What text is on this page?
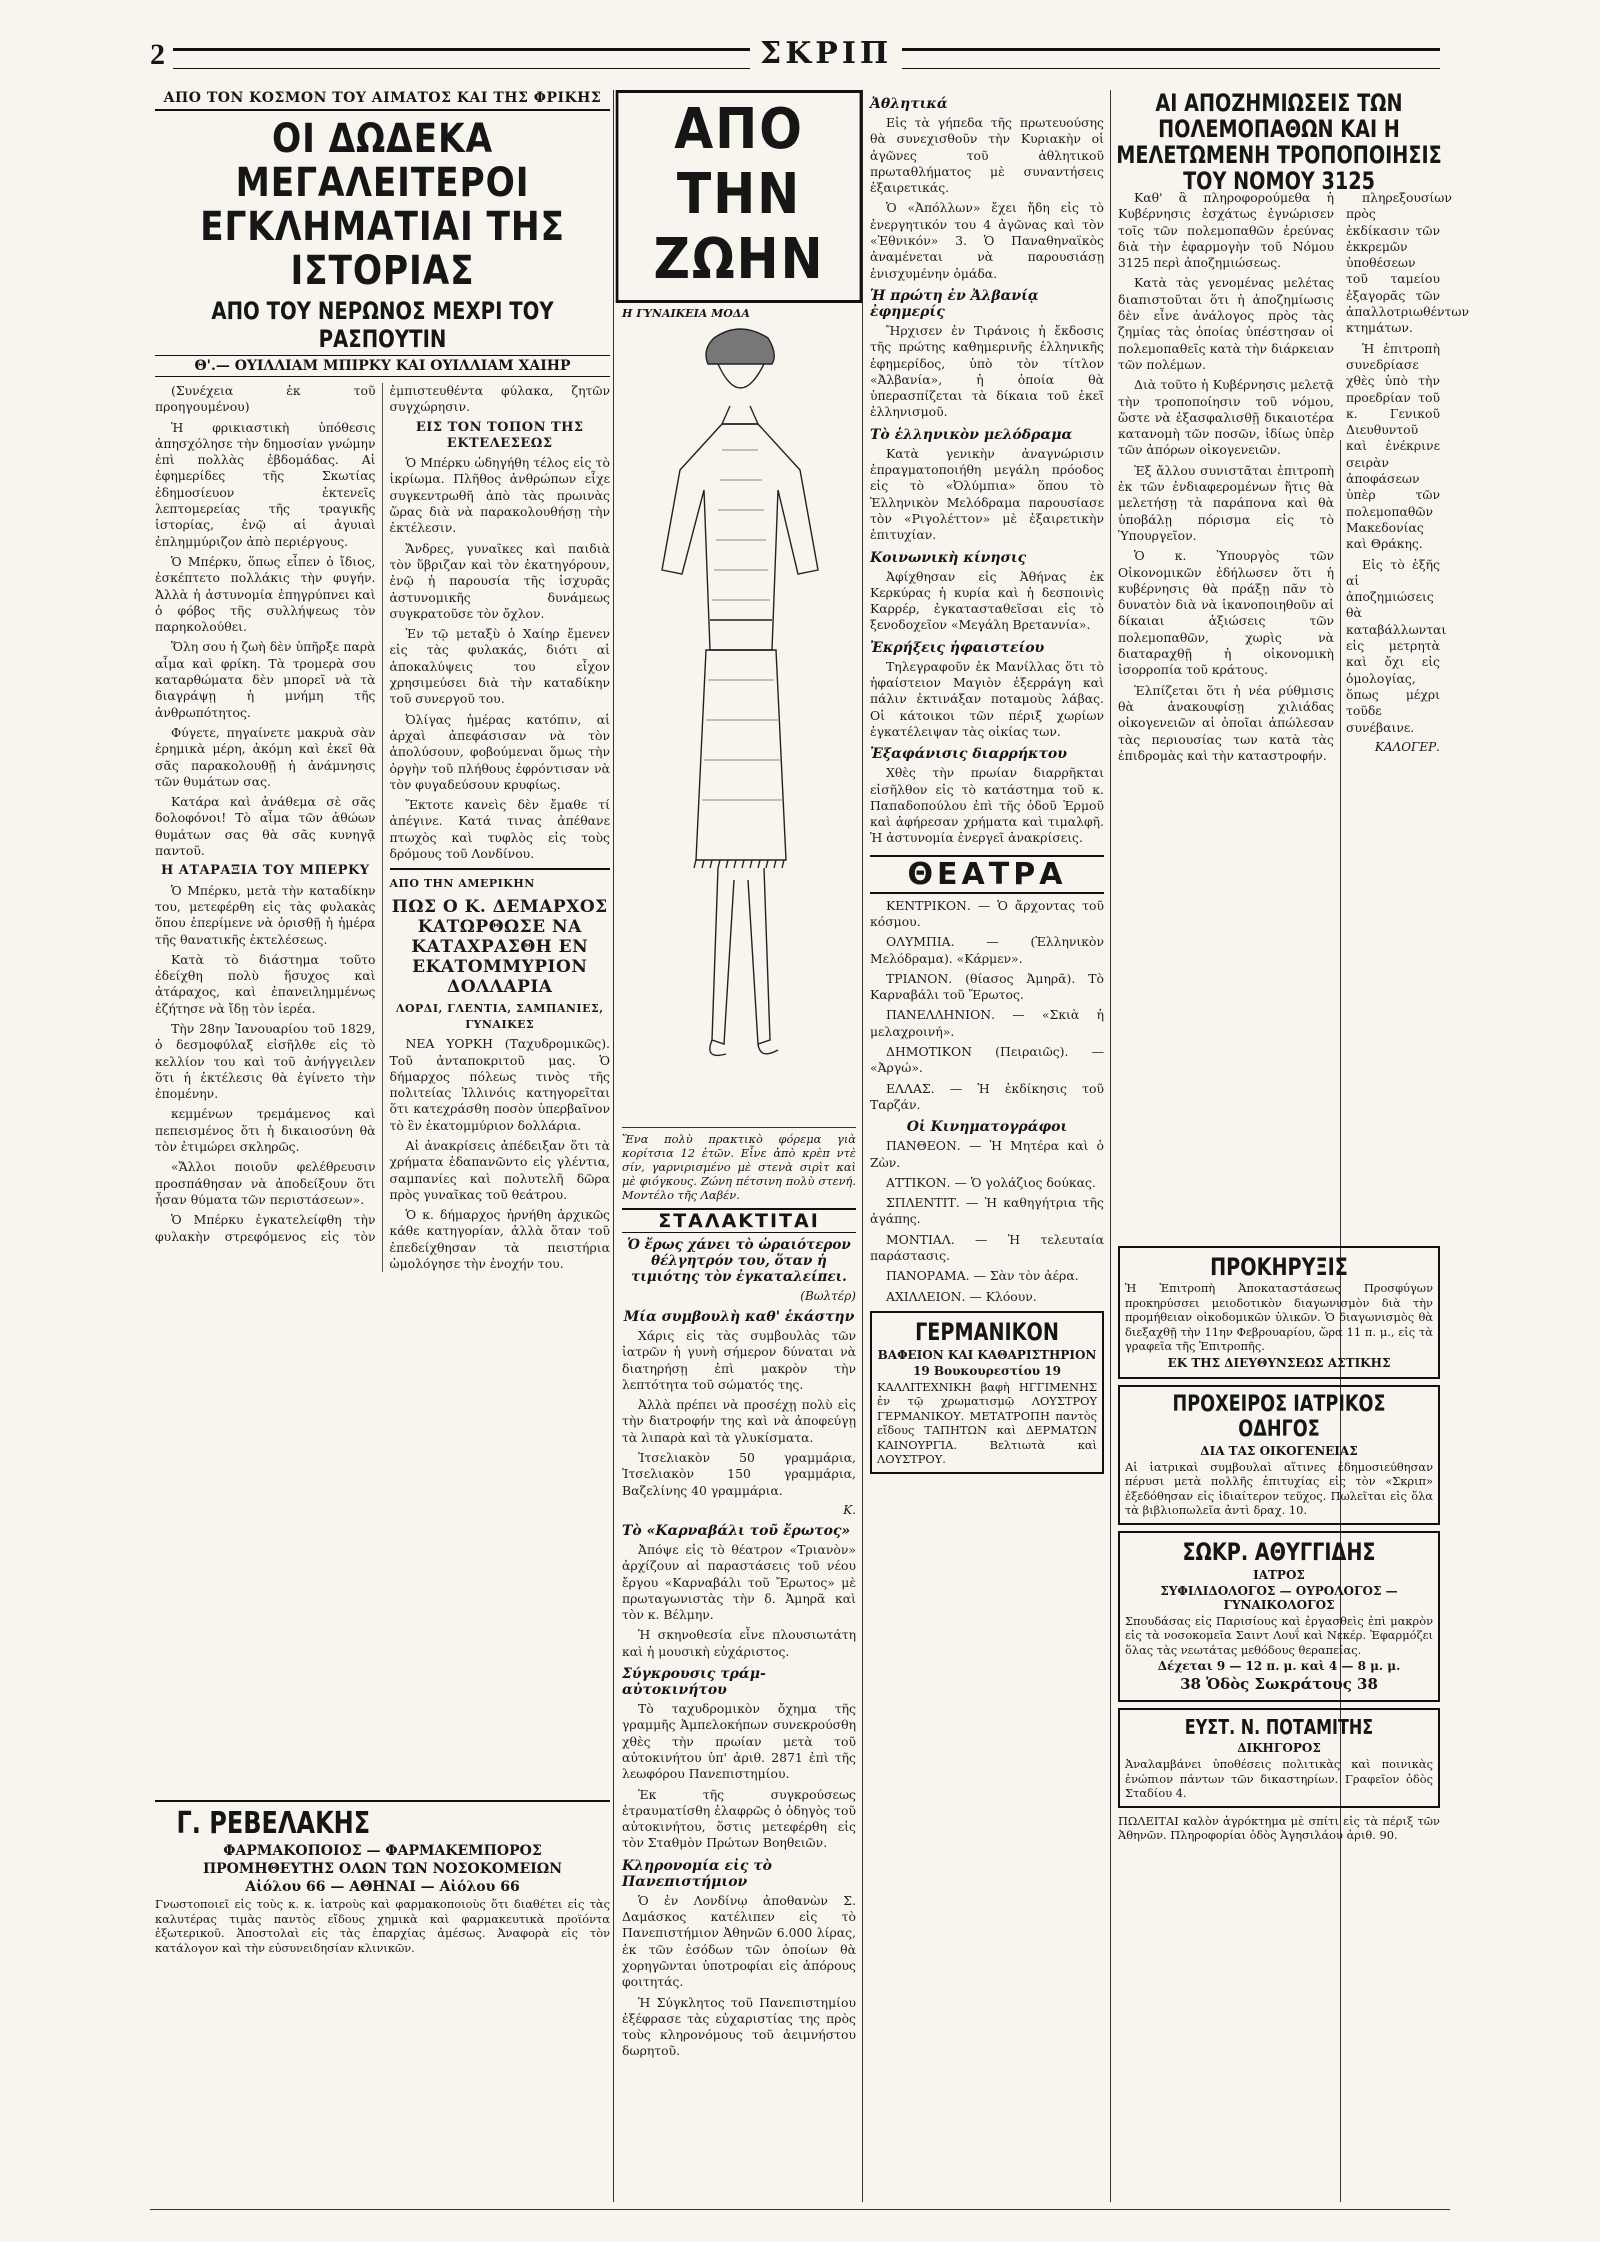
2	ΣΚΡΙΠ
ΑΠΟ ΤΟΝ ΚΟΣΜΟΝ ΤΟΥ ΑΙΜΑΤΟΣ ΚΑΙ ΤΗΣ ΦΡΙΚΗΣ
ΟΙ ΔΩΔΕΚΑ ΜΕΓΑΛΕΙΤΕΡΟΙ ΕΓΚΛΗΜΑΤΙΑΙ ΤΗΣ ΙΣΤΟΡΙΑΣ
ΑΠΟ ΤΟΥ ΝΕΡΩΝΟΣ ΜΕΧΡΙ ΤΟΥ ΡΑΣΠΟΥΤΙΝ
Θ'.— ΟΥΙΛΛΙΑΜ ΜΠΙΡΚΥ ΚΑΙ ΟΥΙΛΛΙΑΜ ΧΑΙΗΡ

(Συνέχεια ἐκ τοῦ προηγουμένου)

Ἡ φρικιαστικὴ ὑπόθεσις ἀπησχόλησε τὴν δημοσίαν γνώμην ἐπὶ πολλὰς ἑβδομάδας. Αἱ ἐφημερίδες τῆς Σκωτίας ἐδημοσίευον ἐκτενεῖς λεπτομερείας τῆς τραγικῆς ἱστορίας, ἐνῷ αἱ ἀγυιαὶ ἐπλημμύριζον ἀπὸ περιέργους.

Ὁ Μπέρκυ, ὅπως εἶπεν ὁ ἴδιος, ἐσκέπτετο πολλάκις τὴν φυγήν. Ἀλλὰ ἡ ἀστυνομία ἐπηγρύπνει καὶ ὁ φόβος τῆς συλλήψεως τὸν παρηκολούθει.

Ὅλη σου ἡ ζωὴ δὲν ὑπῆρξε παρὰ αἷμα καὶ φρίκη. Τὰ τρομερὰ σου καταρθώματα δὲν μπορεῖ νὰ τὰ διαγράψῃ ἡ μνήμη τῆς ἀνθρωπότητος.

Φύγετε, πηγαίνετε μακρυὰ σὰν ἐρημικὰ μέρη, ἀκόμη καὶ ἐκεῖ θὰ σᾶς παρακολουθῇ ἡ ἀνάμνησις τῶν θυμάτων σας.

Κατάρα καὶ ἀνάθεμα σὲ σᾶς δολοφόνοι! Τὸ αἷμα τῶν ἀθώων θυμάτων σας θὰ σᾶς κυνηγᾷ παντοῦ.

Η ΑΤΑΡΑΞΙΑ ΤΟΥ ΜΠΕΡΚΥ

Ὁ Μπέρκυ, μετὰ τὴν καταδίκην του, μετεφέρθη εἰς τὰς φυλακὰς ὅπου ἐπερίμενε νὰ ὁρισθῇ ἡ ἡμέρα τῆς θανατικῆς ἐκτελέσεως.

Κατὰ τὸ διάστημα τοῦτο ἐδείχθη πολὺ ἥσυχος καὶ ἀτάραχος, καὶ ἐπανειλημμένως ἐζήτησε νὰ ἴδῃ τὸν ἱερέα.

Τὴν 28ην Ἰανουαρίου τοῦ 1829, ὁ δεσμοφύλαξ εἰσῆλθε εἰς τὸ κελλίον του καὶ τοῦ ἀνήγγειλεν ὅτι ἡ ἐκτέλεσις θὰ ἐγίνετο τὴν ἐπομένην.

κεμμένων τρεμάμενος καὶ πεπεισμένος ὅτι ἡ δικαιοσύνη θὰ τὸν ἐτιμώρει σκληρῶς.

«Ἄλλοι ποιοῦν φελέθρευσιν προσπάθησαν νὰ ἀποδείξουν ὅτι ἦσαν θύματα τῶν περιστάσεων».

Ὁ Μπέρκυ ἐγκατελείφθη τὴν φυλακὴν στρεφόμενος εἰς τὸν ἐμπιστευθέντα φύλακα, ζητῶν συγχώρησιν.

ΕΙΣ ΤΟΝ ΤΟΠΟΝ ΤΗΣ ΕΚΤΕΛΕΣΕΩΣ

Ὁ Μπέρκυ ὡδηγήθη τέλος εἰς τὸ ἰκρίωμα. Πλῆθος ἀνθρώπων εἶχε συγκεντρωθῆ ἀπὸ τὰς πρωινὰς ὥρας διὰ νὰ παρακολουθήσῃ τὴν ἐκτέλεσιν.

Ἄνδρες, γυναῖκες καὶ παιδιὰ τὸν ὕβριζαν καὶ τὸν ἐκατηγόρουν, ἐνῷ ἡ παρουσία τῆς ἰσχυρᾶς ἀστυνομικῆς δυνάμεως συγκρατοῦσε τὸν ὄχλον.

Ἐν τῷ μεταξὺ ὁ Χαίηρ ἔμενεν εἰς τὰς φυλακάς, διότι αἱ ἀποκαλύψεις του εἶχον χρησιμεύσει διὰ τὴν καταδίκην τοῦ συνεργοῦ του.

Ὀλίγας ἡμέρας κατόπιν, αἱ ἀρχαὶ ἀπεφάσισαν νὰ τὸν ἀπολύσουν, φοβούμεναι ὅμως τὴν ὀργὴν τοῦ πλήθους ἐφρόντισαν νὰ τὸν φυγαδεύσουν κρυφίως.

Ἔκτοτε κανεὶς δὲν ἔμαθε τί ἀπέγινε. Κατά τινας ἀπέθανε πτωχὸς καὶ τυφλὸς εἰς τοὺς δρόμους τοῦ Λονδίνου.

ΑΠΟ ΤΗΝ ΑΜΕΡΙΚΗΝ
ΠΩΣ Ο Κ. ΔΕΜΑΡΧΟΣ ΚΑΤΩΡΘΩΣΕ ΝΑ ΚΑΤΑΧΡΑΣΘΗ ΕΝ ΕΚΑΤΟΜΜΥΡΙΟΝ ΔΟΛΛΑΡΙΑ
ΛΟΡΔΙ, ΓΛΕΝΤΙΑ, ΣΑΜΠΑΝΙΕΣ, ΓΥΝΑΙΚΕΣ

ΝΕΑ ΥΟΡΚΗ (Ταχυδρομικῶς). Τοῦ ἀνταποκριτοῦ μας. Ὁ δήμαρχος πόλεως τινὸς τῆς πολιτείας Ἰλλινόις κατηγορεῖται ὅτι κατεχράσθη ποσὸν ὑπερβαῖνον τὸ ἓν ἑκατομμύριον δολλάρια.

Αἱ ἀνακρίσεις ἀπέδειξαν ὅτι τὰ χρήματα ἐδαπανῶντο εἰς γλέντια, σαμπανίες καὶ πολυτελῆ δῶρα πρὸς γυναῖκας τοῦ θεάτρου.

Ὁ κ. δήμαρχος ἠρνήθη ἀρχικῶς κάθε κατηγορίαν, ἀλλὰ ὅταν τοῦ ἐπεδείχθησαν τὰ πειστήρια ὡμολόγησε τὴν ἐνοχήν του.

Γ. ΡΕΒΕΛΑΚΗΣ
ΦΑΡΜΑΚΟΠΟΙΟΣ — ΦΑΡΜΑΚΕΜΠΟΡΟΣ
ΠΡΟΜΗΘΕΥΤΗΣ ΟΛΩΝ ΤΩΝ ΝΟΣΟΚΟΜΕΙΩΝ
Αἰόλου 66 — ΑΘΗΝΑΙ — Αἰόλου 66
Γνωστοποιεῖ εἰς τοὺς κ. κ. ἰατροὺς καὶ φαρμακοποιοὺς ὅτι διαθέτει εἰς τὰς καλυτέρας τιμὰς παντὸς εἴδους χημικὰ καὶ φαρμακευτικὰ προϊόντα ἐξωτερικοῦ. Ἀποστολαὶ εἰς τὰς ἐπαρχίας ἀμέσως. Ἀναφορὰ εἰς τὸν κατάλογον καὶ τὴν εὐσυνειδησίαν κλινικῶν.
ΑΠΟ ΤΗΝ ΖΩΗΝ
Η ΓΥΝΑΙΚΕΙΑ ΜΟΔΑ
Ἕνα πολὺ πρακτικὸ φόρεμα γιὰ κορίτσια 12 ἐτῶν. Εἶνε ἀπὸ κρὲπ ντὲ σίν, γαρνιρισμένο μὲ στενὰ σιρὶτ καὶ μὲ φιόγκους. Ζώνη πέτσινη πολὺ στενή. Μοντέλο τῆς Λαβέν.
ΣΤΑΛΑΚΤΙΤΑΙ
Ὁ ἔρως χάνει τὸ ὡραιότερον θέλγητρόν του, ὅταν ἡ τιμιότης τὸν ἐγκαταλείπει.
(Βωλτέρ)
Μία συμβουλὴ καθ' ἑκάστην

Χάρις εἰς τὰς συμβουλὰς τῶν ἰατρῶν ἡ γυνὴ σήμερον δύναται νὰ διατηρήσῃ ἐπὶ μακρὸν τὴν λεπτότητα τοῦ σώματός της.

Ἀλλὰ πρέπει νὰ προσέχῃ πολὺ εἰς τὴν διατροφήν της καὶ νὰ ἀποφεύγῃ τὰ λιπαρὰ καὶ τὰ γλυκίσματα.

Ἰτσελιακὸν 50 γραμμάρια, Ἰτσελιακὸν 150 γραμμάρια, Βαζελίνης 40 γραμμάρια.

Κ.
Τὸ «Καρναβάλι τοῦ ἔρωτος»

Ἀπόψε εἰς τὸ θέατρον «Τριανὸν» ἀρχίζουν αἱ παραστάσεις τοῦ νέου ἔργου «Καρναβάλι τοῦ Ἔρωτος» μὲ πρωταγωνιστὰς τὴν δ. Ἀμηρᾶ καὶ τὸν κ. Βέλμην.

Ἡ σκηνοθεσία εἶνε πλουσιωτάτη καὶ ἡ μουσικὴ εὐχάριστος.

Σύγκρουσις τράμ-αὐτοκινήτου

Τὸ ταχυδρομικὸν ὄχημα τῆς γραμμῆς Ἀμπελοκήπων συνεκρούσθη χθὲς τὴν πρωίαν μετὰ τοῦ αὐτοκινήτου ὑπ' ἀριθ. 2871 ἐπὶ τῆς λεωφόρου Πανεπιστημίου.

Ἐκ τῆς συγκρούσεως ἐτραυματίσθη ἐλαφρῶς ὁ ὁδηγὸς τοῦ αὐτοκινήτου, ὅστις μετεφέρθη εἰς τὸν Σταθμὸν Πρώτων Βοηθειῶν.

Κληρονομία εἰς τὸ Πανεπιστήμιον

Ὁ ἐν Λονδίνῳ ἀποθανὼν Σ. Δαμάσκος κατέλιπεν εἰς τὸ Πανεπιστήμιον Ἀθηνῶν 6.000 λίρας, ἐκ τῶν ἐσόδων τῶν ὁποίων θὰ χορηγῶνται ὑποτροφίαι εἰς ἀπόρους φοιτητάς.

Ἡ Σύγκλητος τοῦ Πανεπιστημίου ἐξέφρασε τὰς εὐχαριστίας της πρὸς τοὺς κληρονόμους τοῦ ἀειμνήστου δωρητοῦ.

Ἀθλητικά

Εἰς τὰ γήπεδα τῆς πρωτευούσης θὰ συνεχισθοῦν τὴν Κυριακὴν οἱ ἀγῶνες τοῦ ἀθλητικοῦ πρωταθλήματος μὲ συναντήσεις ἐξαιρετικάς.

Ὁ «Ἀπόλλων» ἔχει ἤδη εἰς τὸ ἐνεργητικόν του 4 ἀγῶνας καὶ τὸν «Ἐθνικόν» 3. Ὁ Παναθηναϊκὸς ἀναμένεται νὰ παρουσιάσῃ ἐνισχυμένην ὁμάδα.

Ἡ πρώτη ἐν Ἀλβανίᾳ ἐφημερίς

Ἤρχισεν ἐν Τιράνοις ἡ ἔκδοσις τῆς πρώτης καθημερινῆς ἑλληνικῆς ἐφημερίδος, ὑπὸ τὸν τίτλον «Ἀλβανία», ἡ ὁποία θὰ ὑπερασπίζεται τὰ δίκαια τοῦ ἐκεῖ ἑλληνισμοῦ.

Τὸ ἑλληνικὸν μελόδραμα

Κατὰ γενικὴν ἀναγνώρισιν ἐπραγματοποιήθη μεγάλη πρόοδος εἰς τὸ «Ὀλύμπια» ὅπου τὸ Ἑλληνικὸν Μελόδραμα παρουσίασε τὸν «Ριγολέττον» μὲ ἐξαιρετικὴν ἐπιτυχίαν.

Κοινωνικὴ κίνησις

Ἀφίχθησαν εἰς Ἀθήνας ἐκ Κερκύρας ἡ κυρία καὶ ἡ δεσποινὶς Καρρέρ, ἐγκατασταθεῖσαι εἰς τὸ ξενοδοχεῖον «Μεγάλη Βρεταννία».

Ἐκρήξεις ἡφαιστείου

Τηλεγραφοῦν ἐκ Μανίλλας ὅτι τὸ ἡφαίστειον Μαγιὸν ἐξερράγη καὶ πάλιν ἐκτινάξαν ποταμοὺς λάβας. Οἱ κάτοικοι τῶν πέριξ χωρίων ἐγκατέλειψαν τὰς οἰκίας των.

Ἐξαφάνισις διαρρήκτου

Χθὲς τὴν πρωίαν διαρρῆκται εἰσῆλθον εἰς τὸ κατάστημα τοῦ κ. Παπαδοπούλου ἐπὶ τῆς ὁδοῦ Ἑρμοῦ καὶ ἀφήρεσαν χρήματα καὶ τιμαλφῆ. Ἡ ἀστυνομία ἐνεργεῖ ἀνακρίσεις.

ΘΕΑΤΡΑ

ΚΕΝΤΡΙΚΟΝ. — Ὁ ἄρχοντας τοῦ κόσμου.

ΟΛΥΜΠΙΑ. — (Ἑλληνικὸν Μελόδραμα). «Κάρμεν».

ΤΡΙΑΝΟΝ. (θίασος Ἀμηρᾶ). Τὸ Καρναβάλι τοῦ Ἔρωτος.

ΠΑΝΕΛΛΗΝΙΟΝ. — «Σκιὰ ἡ μελαχροινή».

ΔΗΜΟΤΙΚΟΝ (Πειραιῶς). — «Ἀργώ».

ΕΛΛΑΣ. — Ἡ ἐκδίκησις τοῦ Ταρζάν.

Οἱ Κινηματογράφοι

ΠΑΝΘΕΟΝ. — Ἡ Μητέρα καὶ ὁ Ζὼν.

ΑΤΤΙΚΟΝ. — Ὁ γολάζιος δούκας.

ΣΠΛΕΝΤΙΤ. — Ἡ καθηγήτρια τῆς ἀγάπης.

ΜΟΝΤΙΑΛ. — Ἡ τελευταία παράστασις.

ΠΑΝΟΡΑΜΑ. — Σὰν τὸν ἀέρα.

ΑΧΙΛΛΕΙΟΝ. — Κλόουν.

ΓΕΡΜΑΝΙΚΟΝ
ΒΑΦΕΙΟΝ ΚΑΙ ΚΑΘΑΡΙΣΤΗΡΙΟΝ
19 Βουκουρεστίου 19
ΚΑΛΛΙΤΕΧΝΙΚΗ βαφὴ ΗΓΓΙΜΕΝΗΣ ἐν τῷ χρωματισμῷ ΛΟΥΣΤΡΟΥ ΓΕΡΜΑΝΙΚΟΥ. ΜΕΤΑΤΡΟΠΗ παντὸς εἴδους ΤΑΠΗΤΩΝ καὶ ΔΕΡΜΑΤΩΝ ΚΑΙΝΟΥΡΓΙΑ. Βελτιωτὰ καὶ ΛΟΥΣΤΡΟΥ.
ΑΙ ΑΠΟΖΗΜΙΩΣΕΙΣ ΤΩΝ ΠΟΛΕΜΟΠΑΘΩΝ ΚΑΙ Η ΜΕΛΕΤΩΜΕΝΗ ΤΡΟΠΟΠΟΙΗΣΙΣ ΤΟΥ ΝΟΜΟΥ 3125

Καθ' ἃ πληροφορούμεθα ἡ Κυβέρνησις ἐσχάτως ἐγνώρισεν τοῖς τῶν πολεμοπαθῶν ἐρεύνας διὰ τὴν ἐφαρμογὴν τοῦ Νόμου 3125 περὶ ἀποζημιώσεως.

Κατὰ τὰς γενομένας μελέτας διαπιστοῦται ὅτι ἡ ἀποζημίωσις δὲν εἶνε ἀνάλογος πρὸς τὰς ζημίας τὰς ὁποίας ὑπέστησαν οἱ πολεμοπαθεῖς κατὰ τὴν διάρκειαν τῶν πολέμων.

Διὰ τοῦτο ἡ Κυβέρνησις μελετᾷ τὴν τροποποίησιν τοῦ νόμου, ὥστε νὰ ἐξασφαλισθῇ δικαιοτέρα κατανομὴ τῶν ποσῶν, ἰδίως ὑπὲρ τῶν ἀπόρων οἰκογενειῶν.

Ἐξ ἄλλου συνιστᾶται ἐπιτροπὴ ἐκ τῶν ἐνδιαφερομένων ἥτις θὰ μελετήσῃ τὰ παράπονα καὶ θὰ ὑποβάλῃ πόρισμα εἰς τὸ Ὑπουργεῖον.

Ὁ κ. Ὑπουργὸς τῶν Οἰκονομικῶν ἐδήλωσεν ὅτι ἡ κυβέρνησις θὰ πράξῃ πᾶν τὸ δυνατὸν διὰ νὰ ἱκανοποιηθοῦν αἱ δίκαιαι ἀξιώσεις τῶν πολεμοπαθῶν, χωρὶς νὰ διαταραχθῇ ἡ οἰκονομικὴ ἰσορροπία τοῦ κράτους.

Ἐλπίζεται ὅτι ἡ νέα ρύθμισις θὰ ἀνακουφίσῃ χιλιάδας οἰκογενειῶν αἱ ὁποῖαι ἀπώλεσαν τὰς περιουσίας των κατὰ τὰς ἐπιδρομὰς καὶ τὴν καταστροφήν.

πληρεξουσίων πρὸς ἐκδίκασιν τῶν ἐκκρεμῶν ὑποθέσεων τοῦ ταμείου ἐξαγορᾶς τῶν ἀπαλλοτριωθέντων κτημάτων.

Ἡ ἐπιτροπὴ συνεδρίασε χθὲς ὑπὸ τὴν προεδρίαν τοῦ κ. Γενικοῦ Διευθυντοῦ καὶ ἐνέκρινε σειρὰν ἀποφάσεων ὑπὲρ τῶν πολεμοπαθῶν Μακεδονίας καὶ Θράκης.

Εἰς τὸ ἑξῆς αἱ ἀποζημιώσεις θὰ καταβάλλωνται εἰς μετρητὰ καὶ ὄχι εἰς ὁμολογίας, ὅπως μέχρι τοῦδε συνέβαινε.

ΚΑΛΟΓΕΡ.
ΠΡΟΚΗΡΥΞΙΣ
Ἡ Ἐπιτροπὴ Ἀποκαταστάσεως Προσφύγων προκηρύσσει μειοδοτικὸν διαγωνισμὸν διὰ τὴν προμήθειαν οἰκοδομικῶν ὑλικῶν. Ὁ διαγωνισμὸς θὰ διεξαχθῇ τὴν 11ην Φεβρουαρίου, ὥρα 11 π. μ., εἰς τὰ γραφεῖα τῆς Ἐπιτροπῆς.
ΕΚ ΤΗΣ ΔΙΕΥΘΥΝΣΕΩΣ ΑΣΤΙΚΗΣ
ΠΡΟΧΕΙΡΟΣ ΙΑΤΡΙΚΟΣ ΟΔΗΓΟΣ
ΔΙΑ ΤΑΣ ΟΙΚΟΓΕΝΕΙΑΣ
Αἱ ἰατρικαὶ συμβουλαὶ αἵτινες ἐδημοσιεύθησαν πέρυσι μετὰ πολλῆς ἐπιτυχίας εἰς τὸν «Σκριπ» ἐξεδόθησαν εἰς ἰδιαίτερον τεῦχος. Πωλεῖται εἰς ὅλα τὰ βιβλιοπωλεῖα ἀντὶ δραχ. 10.
ΣΩΚΡ. ΑΘΥΓΓΙΔΗΣ
ΙΑΤΡΟΣ
ΣΥΦΙΛΙΔΟΛΟΓΟΣ — ΟΥΡΟΛΟΓΟΣ — ΓΥΝΑΙΚΟΛΟΓΟΣ
Σπουδάσας εἰς Παρισίους καὶ ἐργασθεὶς ἐπὶ μακρὸν εἰς τὰ νοσοκομεῖα Σαιντ Λουΐ καὶ Νεκέρ. Ἐφαρμόζει ὅλας τὰς νεωτάτας μεθόδους θεραπείας.
Δέχεται 9 — 12 π. μ. καὶ 4 — 8 μ. μ.
38 Ὁδὸς Σωκράτους 38
ΕΥΣΤ. Ν. ΠΟΤΑΜΙΤΗΣ
ΔΙΚΗΓΟΡΟΣ
Ἀναλαμβάνει ὑποθέσεις πολιτικὰς καὶ ποινικὰς ἐνώπιον πάντων τῶν δικαστηρίων. Γραφεῖον ὁδὸς Σταδίου 4.
ΠΩΛΕΙΤΑΙ καλὸν ἀγρόκτημα μὲ σπίτι εἰς τὰ πέριξ τῶν Ἀθηνῶν. Πληροφορίαι ὁδὸς Ἀγησιλάου ἀριθ. 90.
